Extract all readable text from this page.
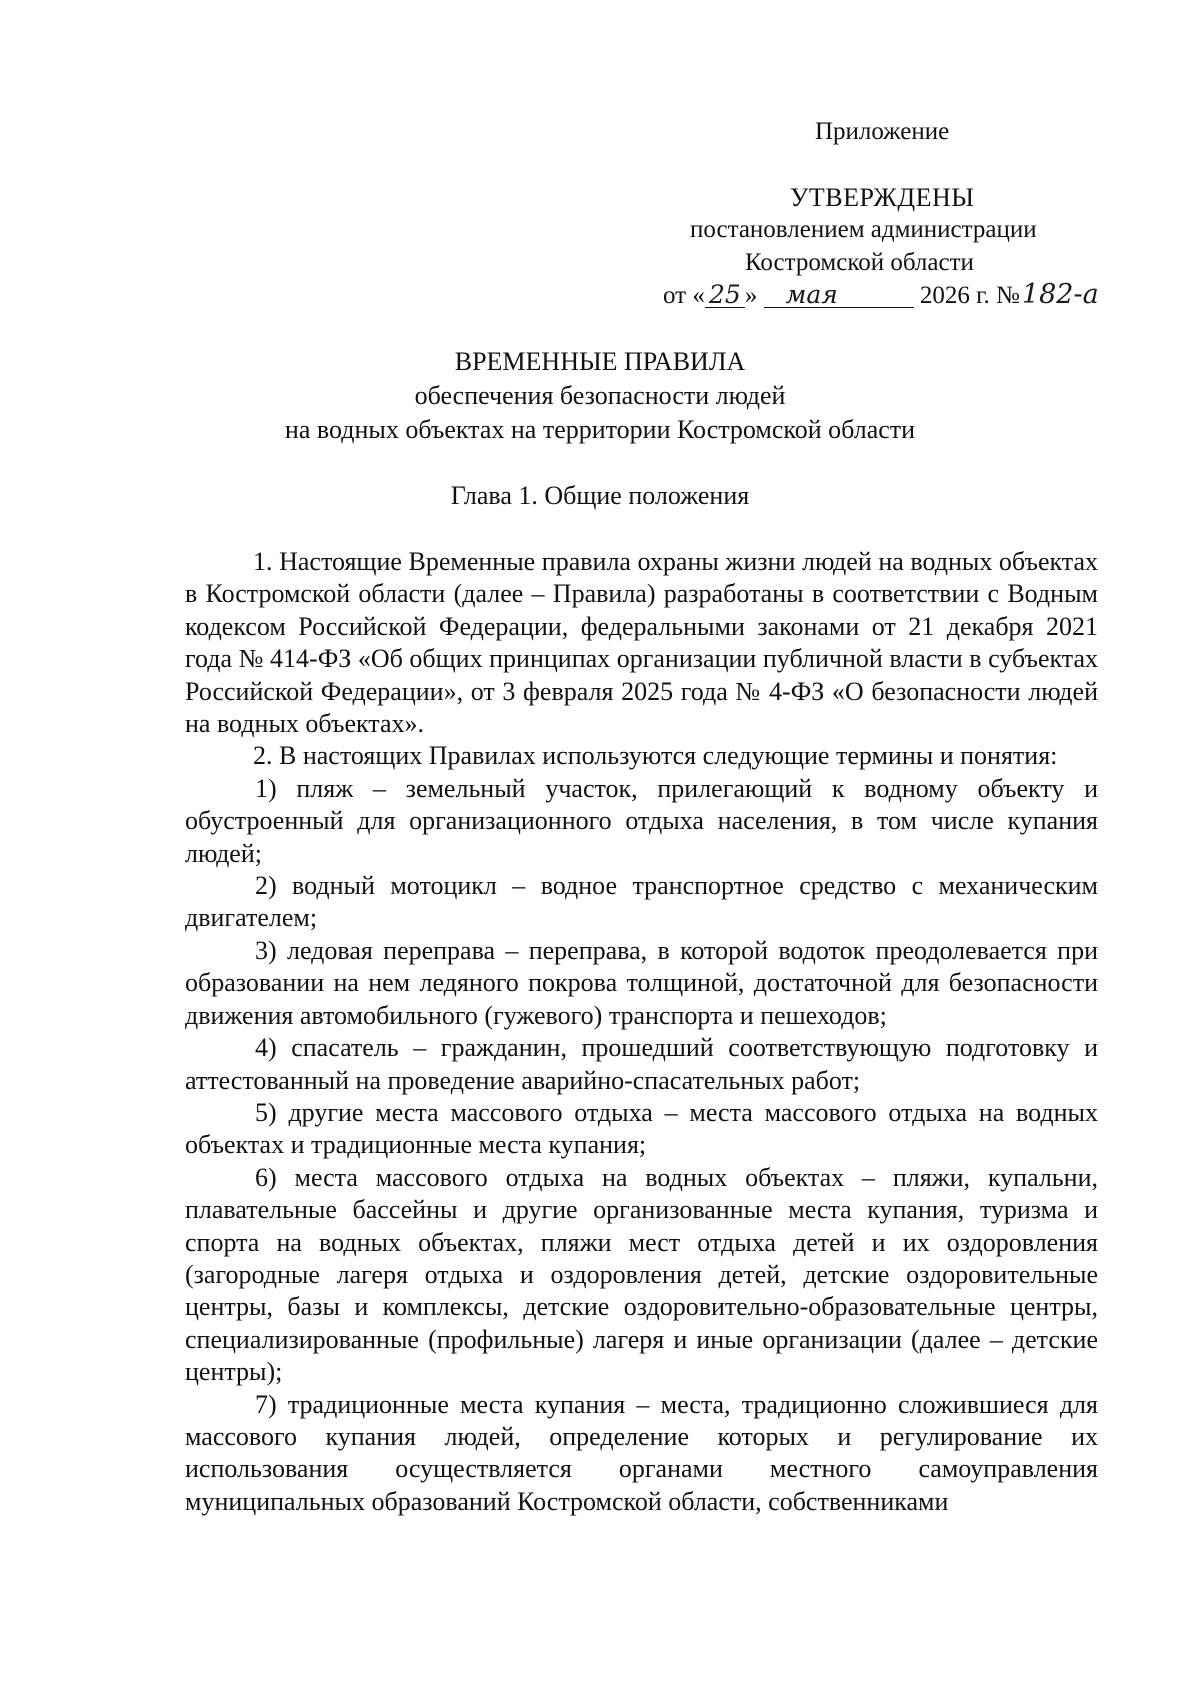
Приложение
УТВЕРЖДЕНЫ
постановлением администрации
Костромской области
от « 25 » мая	2026 г. №182-а
ВРЕМЕННЫЕ ПРАВИЛА
обеспечения безопасности людей
на водных объектах на территории Костромской области
Глава 1. Общие положения

1. Настоящие Временные правила охраны жизни людей на водных объектах в Костромской области (далее – Правила) разработаны в соответствии с Водным кодексом Российской Федерации, федеральными законами от 21 декабря 2021 года № 414-ФЗ «Об общих принципах организации публичной власти в субъектах Российской Федерации», от 3 февраля 2025 года № 4-ФЗ «О безопасности людей на водных объектах».

2. В настоящих Правилах используются следующие термины и понятия:

1) пляж – земельный участок, прилегающий к водному объекту и обустроенный для организационного отдыха населения, в том числе купания людей;

2) водный мотоцикл – водное транспортное средство с механическим двигателем;

3) ледовая переправа – переправа, в которой водоток преодолевается при образовании на нем ледяного покрова толщиной, достаточной для безопасности движения автомобильного (гужевого) транспорта и пешеходов;

4) спасатель – гражданин, прошедший соответствующую подготовку и аттестованный на проведение аварийно-спасательных работ;

5) другие места массового отдыха – места массового отдыха на водных объектах и традиционные места купания;

6) места массового отдыха на водных объектах – пляжи, купальни, плавательные бассейны и другие организованные места купания, туризма и спорта на водных объектах, пляжи мест отдыха детей и их оздоровления (загородные лагеря отдыха и оздоровления детей, детские оздоровительные центры, базы и комплексы, детские оздоровительно-образовательные центры, специализированные (профильные) лагеря и иные организации (далее – детские центры);

7) традиционные места купания – места, традиционно сложившиеся для массового купания людей, определение которых и регулирование их использования осуществляется органами местного самоуправления муниципальных образований Костромской области, собственниками
